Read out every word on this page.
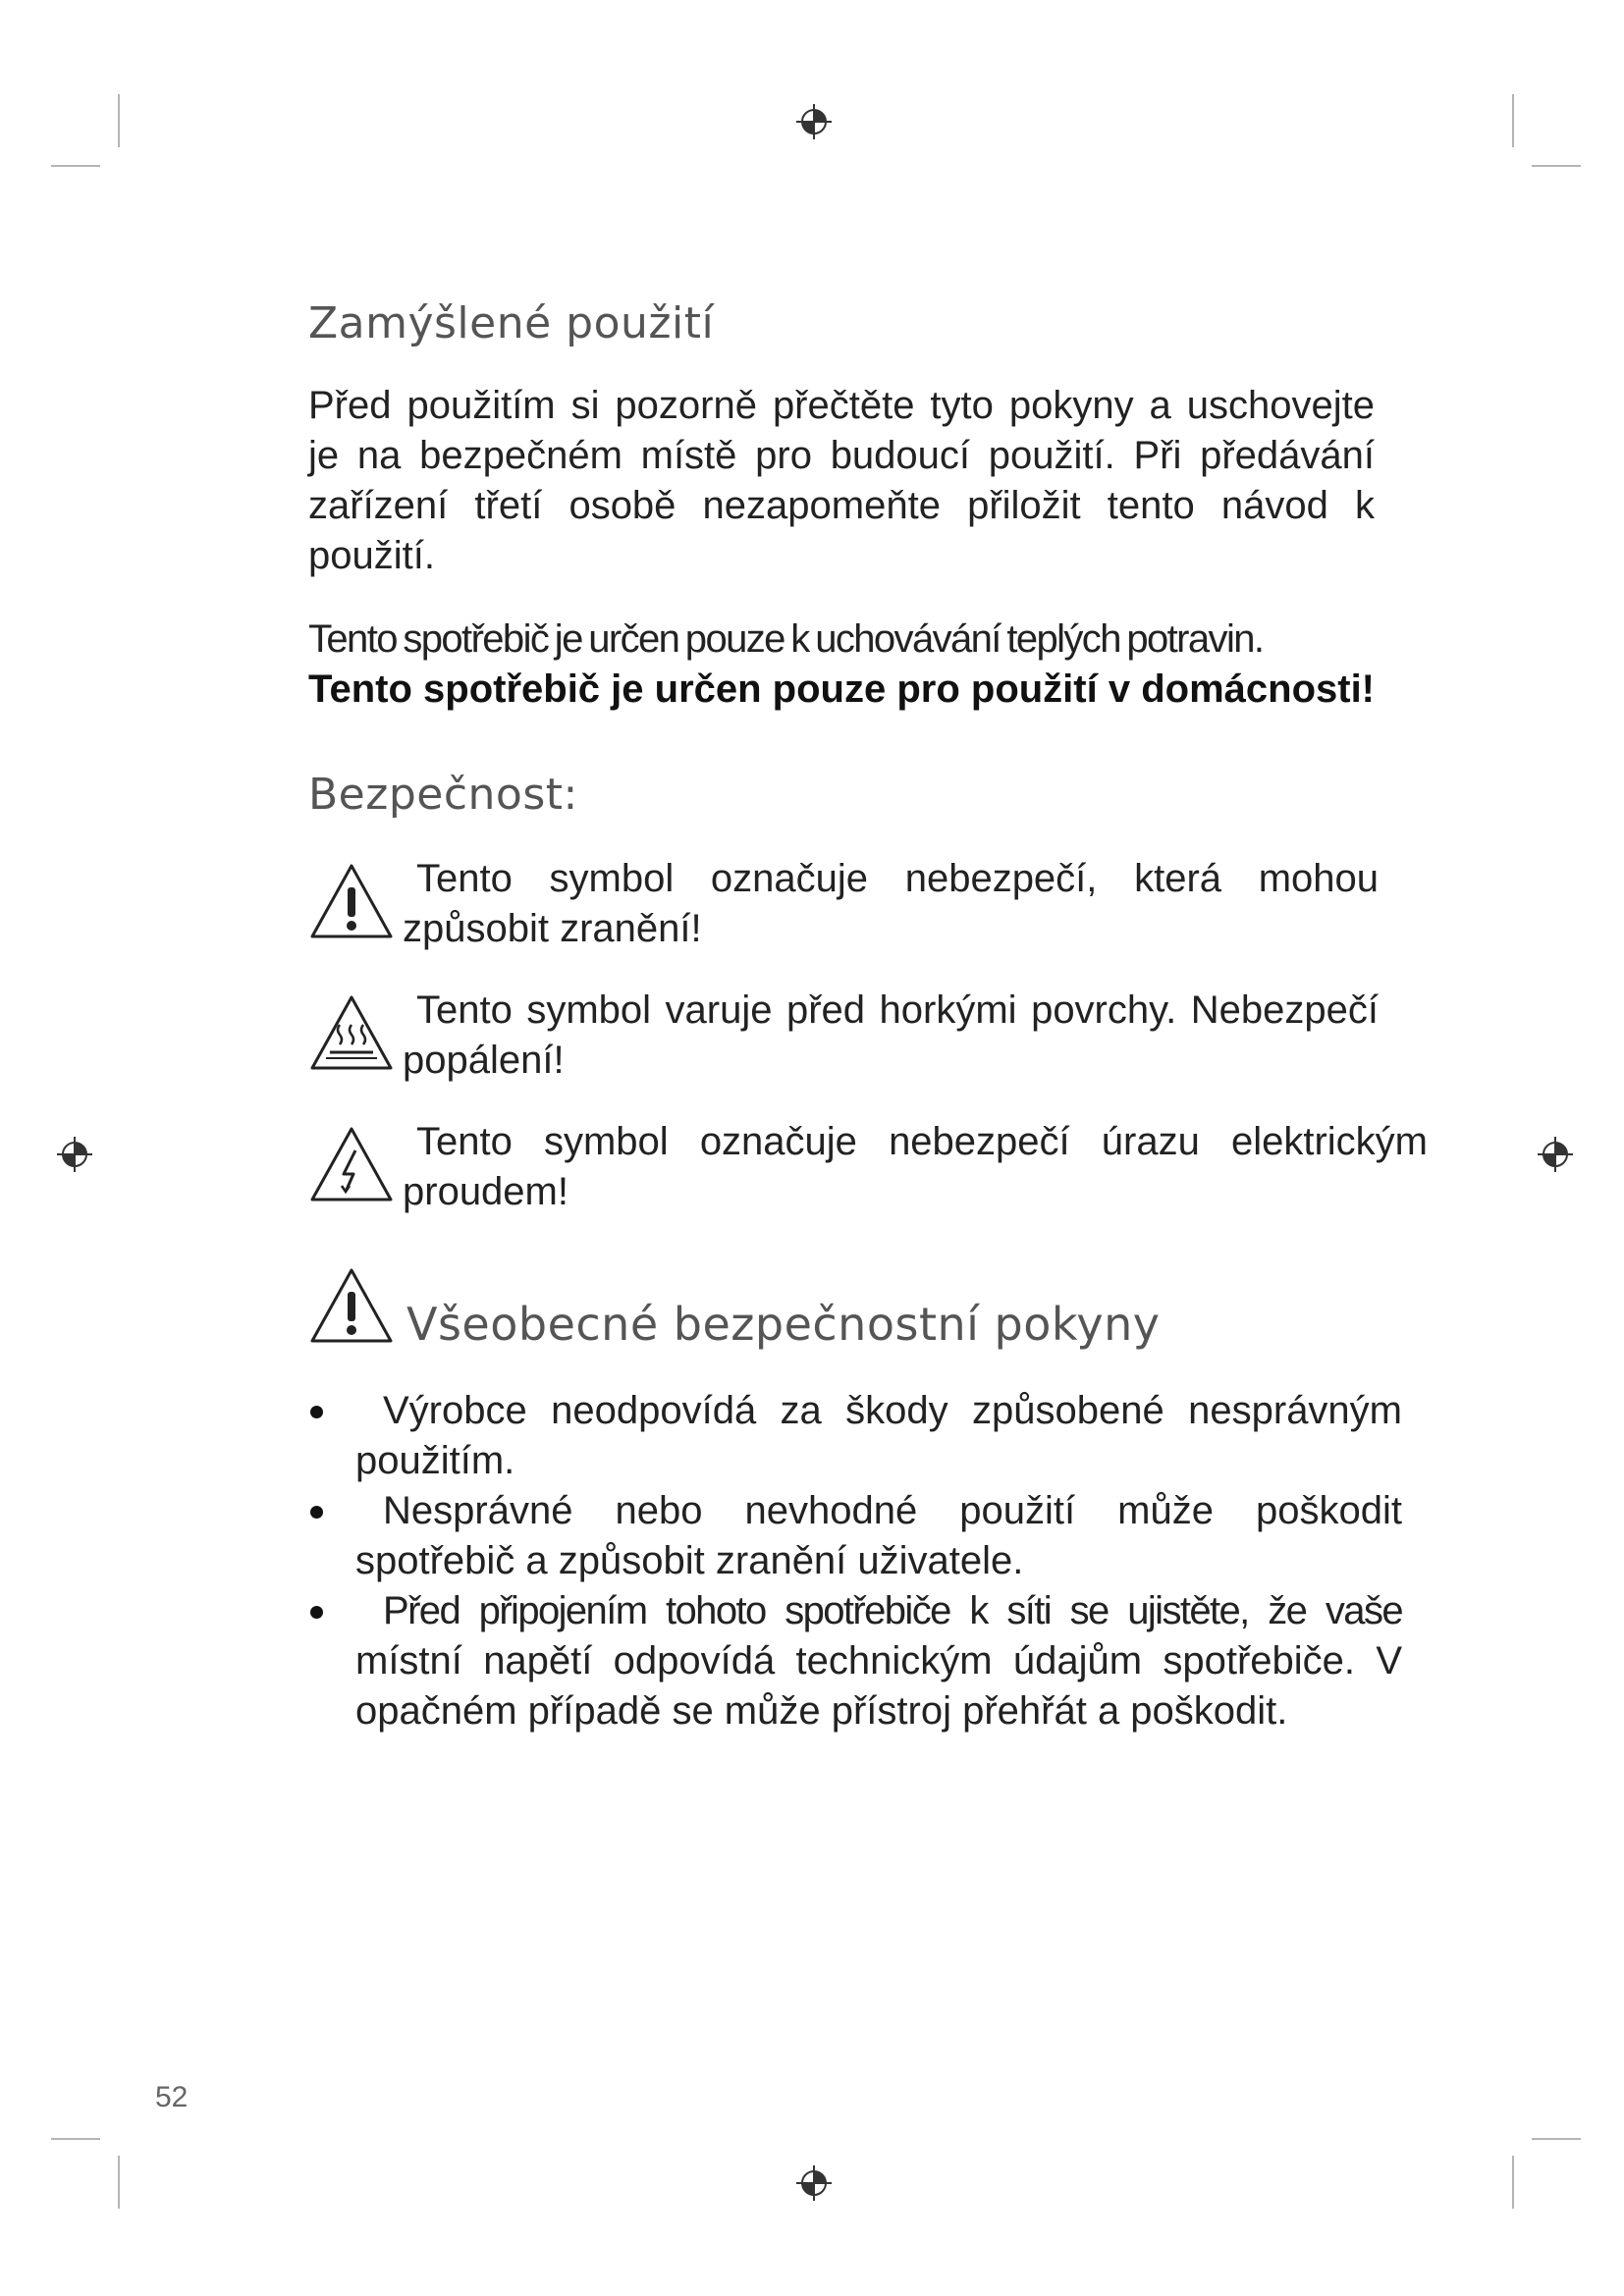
Zamýšlené použití

Před použitím si pozorně přečtěte tyto pokyny a uschovejte je na bezpečném místě pro budoucí použití. Při předávání zařízení třetí osobě nezapomeňte přiložit tento návod k použití.

Tento spotřebič je určen pouze k uchovávání teplých potravin.

Tento spotřebič je určen pouze pro použití v domácnosti!

Bezpečnost:
Tento symbol označuje nebezpečí, která mohou
způsobit zranění!
Tento symbol varuje před horkými povrchy. Nebezpečí
popálení!
Tento symbol označuje nebezpečí úrazu elektrickým
proudem!
Všeobecné bezpečnostní pokyny
Výrobce neodpovídá za škody způsobené nesprávným
použitím.
Nesprávné nebo nevhodné použití může poškodit
spotřebič a způsobit zranění uživatele.
Před připojením tohoto spotřebiče k síti se ujistěte, že vaše
místní napětí odpovídá technickým údajům spotřebiče. V opačném případě se může přístroj přehřát a poškodit.
52
